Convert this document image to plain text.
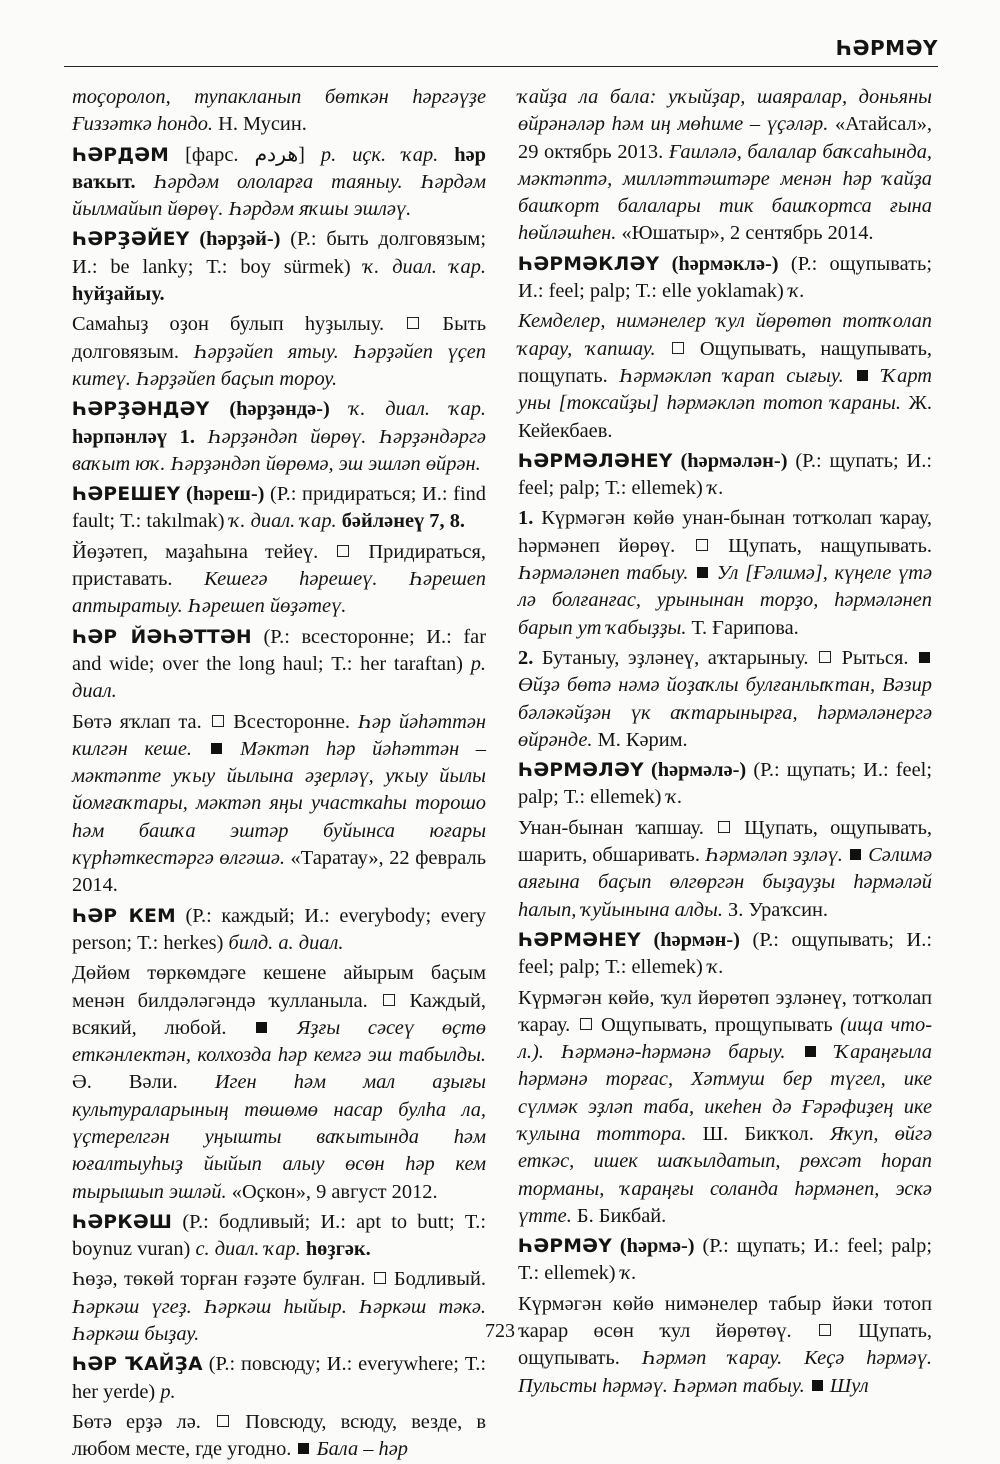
ҺӘРМӘҮ

тоҫоролоп, тупакланып бөткән һәргәүҙе Ғиззәткә һондо. Н. Мусин.

ҺӘРДӘМ [фарс. هردم] р. иҫк. ҡар. һәр ваҡыт. Һәрдәм ололарға таяныу. Һәрдәм йылмайып йөрөү. Һәрдәм яҡшы эшләү.

ҺӘРҘӘЙЕҮ (һәрҙәй-) (Р.: быть долговязым; И.: be lanky; Т.: boy sürmek) ҡ. диал. ҡар. һуйҙайыу.

Самаһыҙ оҙон булып һуҙылыу.  Быть долговязым. Һәрҙәйеп ятыу. Һәрҙәйеп үҫеп китеү. Һәрҙәйеп баҫып тороу.

ҺӘРҘӘНДӘҮ (һәрҙәндә-) ҡ. диал. ҡар. һәрпәнләү 1. Һәрҙәндәп йөрөү. Һәрҙәндәргә ваҡыт юҡ. Һәрҙәндәп йөрөмә, эш эшләп өйрән.

ҺӘРЕШЕҮ (һәреш-) (Р.: придираться; И.: find fault; Т.: takılmak) ҡ. диал. ҡар. бәйләнеү 7, 8.

Йөҙәтеп, маҙаһына тейеү.  Придираться, приставать. Кешегә һәрешеү. Һәрешеп аптыратыу. Һәрешеп йөҙәтеү.

ҺӘР ЙӘҺӘТТӘН (Р.: всесторонне; И.: far and wide; over the long haul; Т.: her taraftan) р. диал.

Бөтә яҡлап та.  Всесторонне. Һәр йәһәттән килгән кеше. Мәктәп һәр йәһәттән – мәктәпте уҡыу йылына әҙерләү, уҡыу йылы йомғаҡтары, мәктәп яңы участкаһы торошо һәм башҡа эштәр буйынса юғары күрһәткестәргә өлгәшә. «Таратау», 22 февраль 2014.

ҺӘР КЕМ (Р.: каждый; И.: everybody; every person; Т.: herkes) билд. а. диал.

Дөйөм төркөмдәге кешене айырым баҫым менән билдәләгәндә ҡулланыла.  Каждый, всякий, любой.  Яҙғы сәсеү өҫтө еткәнлектән, колхозда һәр кемгә эш табылды. Ә. Вәли. Иген һәм мал аҙығы культураларының төшөмө насар булһа ла, үҫтерелгән уңышты ваҡытында һәм юғалтыуһыҙ йыйып алыу өсөн һәр кем тырышып эшләй. «Оҫкон», 9 август 2012.

ҺӘРКӘШ (Р.: бодливый; И.: apt to butt; Т.: boynuz vuran) с. диал. ҡар. һөҙгәк.

Һөҙә, төкөй торған ғәҙәте булған.  Бодливый. Һәркәш үгеҙ. Һәркәш һыйыр. Һәркәш тәкә. Һәркәш быҙау.

ҺӘР ҠАЙҘА (Р.: повсюду; И.: everywhere; Т.: her yerde) р.

Бөтә ерҙә лә.  Повсюду, всюду, везде, в любом месте, где угодно.  Бала – һәр

ҡайҙа ла бала: уҡыйҙар, шаяралар, доньяны өйрәнәләр һәм иң мөһиме – үҫәләр. «Атайсал», 29 октябрь 2013. Ғаиләлә, балалар баҡсаһында, мәктәптә, милләттәштәре менән һәр ҡайҙа башҡорт балалары тик башҡортса ғына һөйләшһен. «Юшатыр», 2 сентябрь 2014.

ҺӘРМӘКЛӘҮ (һәрмәклә-) (Р.: ощупывать; И.: feel; palp; Т.: elle yoklamak) ҡ.

Кемделер, нимәнелер ҡул йөрөтөп тотҡолап ҡарау, ҡапшау.  Ощупывать, нащупывать, пощупать. Һәрмәкләп ҡарап сығыу. Ҡарт уны [токсайҙы] һәрмәкләп тотоп ҡараны. Ж. Кейекбаев.

ҺӘРМӘЛӘНЕҮ (һәрмәлән-) (Р.: щупать; И.: feel; palp; Т.: ellemek) ҡ.

1. Күрмәгән көйө унан-бынан тотҡолап ҡарау, һәрмәнеп йөрөү.  Щупать, нащупывать. Һәрмәләнеп табыу. Ул [Ғәлимә], күңеле үтә лә болғанғас, урынынан торҙо, һәрмәләнеп барып ут ҡабыҙҙы. Т. Ғарипова.

2. Бутаныу, эҙләнеү, аҡтарыныу.  Рыться.  Өйҙә бөтә нәмә йоҙаҡлы булғанлыҡтан, Вәзир бәләкәйҙән үк аҡтарынырға, һәрмәләнергә өйрәнде. М. Кәрим.

ҺӘРМӘЛӘҮ (һәрмәлә-) (Р.: щупать; И.: feel; palp; Т.: ellemek) ҡ.

Унан-бынан ҡапшау.  Щупать, ощупывать, шарить, обшаривать. Һәрмәләп эҙләү. Сәлимә аяғына баҫып өлгөргән быҙауҙы һәрмәләй һалып, ҡуйынына алды. З. Ураҡсин.

ҺӘРМӘНЕҮ (һәрмән-) (Р.: ощупывать; И.: feel; palp; Т.: ellemek) ҡ.

Күрмәгән көйө, ҡул йөрөтөп эҙләнеү, тотҡолап ҡарау.  Ощупывать, прощупывать (ища что-л.). Һәрмәнә-һәрмәнә барыу. Ҡараңғыла һәрмәнә торғас, Хәтмуш бер түгел, ике сүлмәк эҙләп таба, икеһен дә Ғәрәфиҙең ике ҡулына тоттора. Ш. Бикҡол. Яҡуп, өйгә еткәс, ишек шаҡылдатып, рөхсәт һорап торманы, ҡараңғы соланда һәрмәнеп, эскә үтте. Б. Бикбай.

ҺӘРМӘҮ (һәрмә-) (Р.: щупать; И.: feel; palp; Т.: ellemek) ҡ.

Күрмәгән көйө нимәнелер табыр йәки тотоп ҡарар өсөн ҡул йөрөтөү.  Щупать, ощупывать. Һәрмәп ҡарау. Кеҫә һәрмәү. Пульсты һәрмәү. Һәрмәп табыу. Шул

723
